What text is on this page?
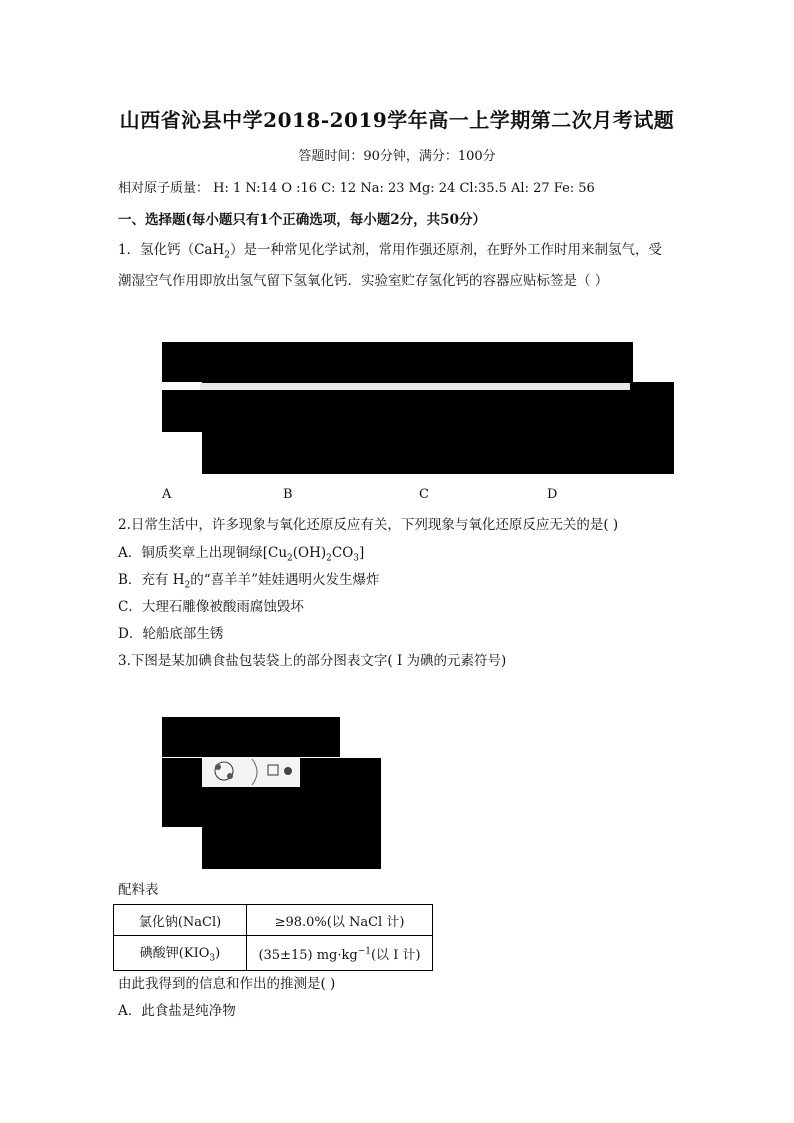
山西省沁县中学2018-2019学年高一上学期第二次月考试题
答题时间：90分钟，满分：100分
相对原子质量： H: 1 N:14 O :16 C: 12 Na: 23 Mg: 24 Cl:35.5 Al: 27 Fe: 56
一、选择题(每小题只有1个正确选项，每小题2分，共50分）
1．氢化钙（CaH$_2$）是一种常见化学试剂，常用作强还原剂，在野外工作时用来制氢气，受
潮湿空气作用即放出氢气留下氢氧化钙．实验室贮存氢化钙的容器应贴标签是（ ）
A	B	C	D
2.日常生活中，许多现象与氧化还原反应有关，下列现象与氧化还原反应无关的是( )
A．铜质奖章上出现铜绿$[Cu_2(OH)_2CO_3]$
B．充有 $H_2$的“喜羊羊”娃娃遇明火发生爆炸
C．大理石雕像被酸雨腐蚀毁坏
D．轮船底部生锈
3.下图是某加碘食盐包装袋上的部分图表文字( I 为碘的元素符号)
配料表
氯化钠(NaCl)	≥98.0%(以 NaCl 计)
碘酸钾$(KIO_3)$	(35±15) $mg\cdot kg^{-1}$(以 I 计)
由此我得到的信息和作出的推测是( )
A．此食盐是纯净物
